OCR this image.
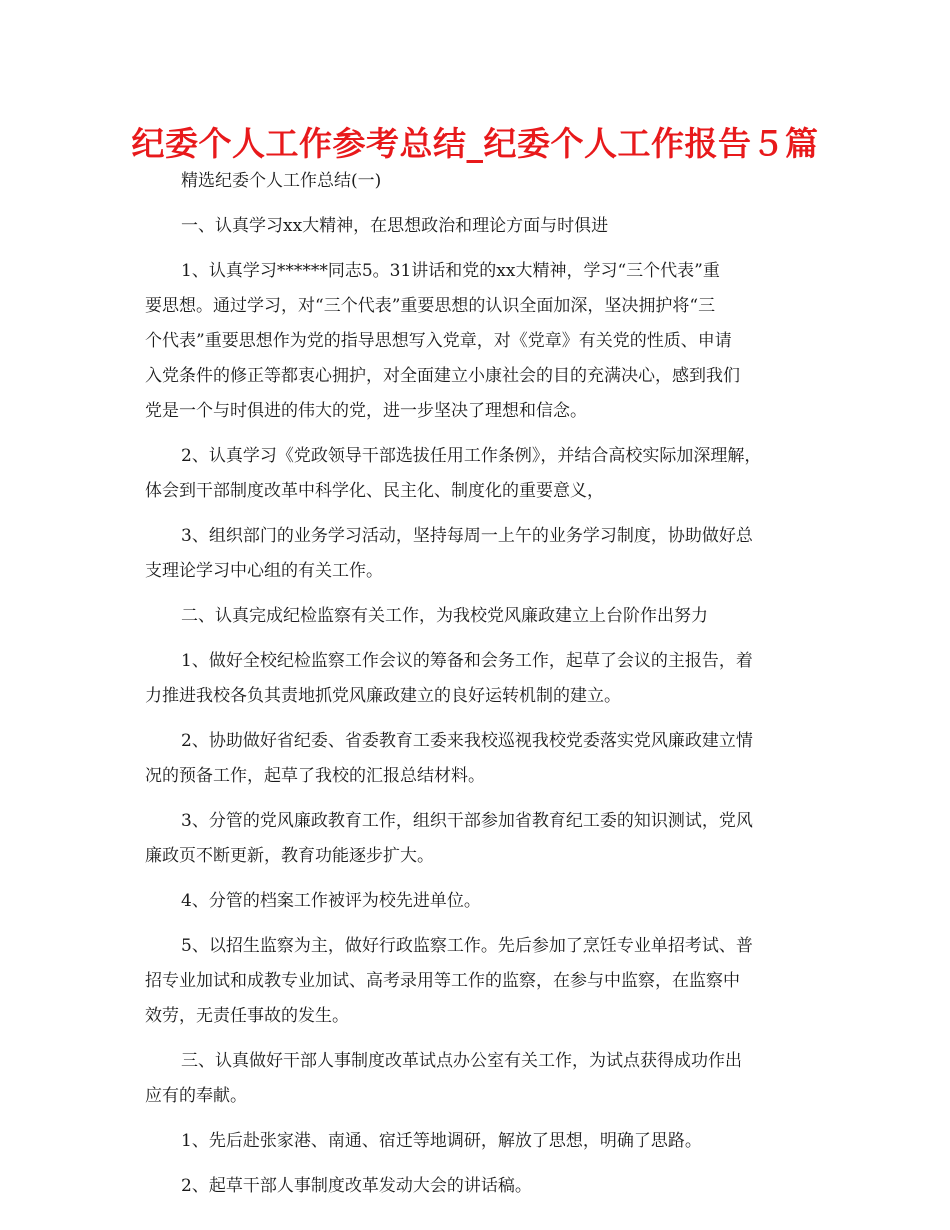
纪委个人工作参考总结_纪委个人工作报告５篇
精选纪委个人工作总结(一)
一、认真学习xx大精神，在思想政治和理论方面与时俱进
1、认真学习******同志5。31讲话和党的xx大精神，学习“三个代表”重
要思想。通过学习，对“三个代表”重要思想的认识全面加深，坚决拥护将“三
个代表”重要思想作为党的指导思想写入党章，对《党章》有关党的性质、申请
入党条件的修正等都衷心拥护，对全面建立小康社会的目的充满决心，感到我们
党是一个与时俱进的伟大的党，进一步坚决了理想和信念。
2、认真学习《党政领导干部选拔任用工作条例》，并结合高校实际加深理解，
体会到干部制度改革中科学化、民主化、制度化的重要意义，
3、组织部门的业务学习活动，坚持每周一上午的业务学习制度，协助做好总
支理论学习中心组的有关工作。
二、认真完成纪检监察有关工作，为我校党风廉政建立上台阶作出努力
1、做好全校纪检监察工作会议的筹备和会务工作，起草了会议的主报告，着
力推进我校各负其责地抓党风廉政建立的良好运转机制的建立。
2、协助做好省纪委、省委教育工委来我校巡视我校党委落实党风廉政建立情
况的预备工作，起草了我校的汇报总结材料。
3、分管的党风廉政教育工作，组织干部参加省教育纪工委的知识测试，党风
廉政页不断更新，教育功能逐步扩大。
4、分管的档案工作被评为校先进单位。
5、以招生监察为主，做好行政监察工作。先后参加了烹饪专业单招考试、普
招专业加试和成教专业加试、高考录用等工作的监察，在参与中监察，在监察中
效劳，无责任事故的发生。
三、认真做好干部人事制度改革试点办公室有关工作，为试点获得成功作出
应有的奉献。
1、先后赴张家港、南通、宿迁等地调研，解放了思想，明确了思路。
2、起草干部人事制度改革发动大会的讲话稿。
